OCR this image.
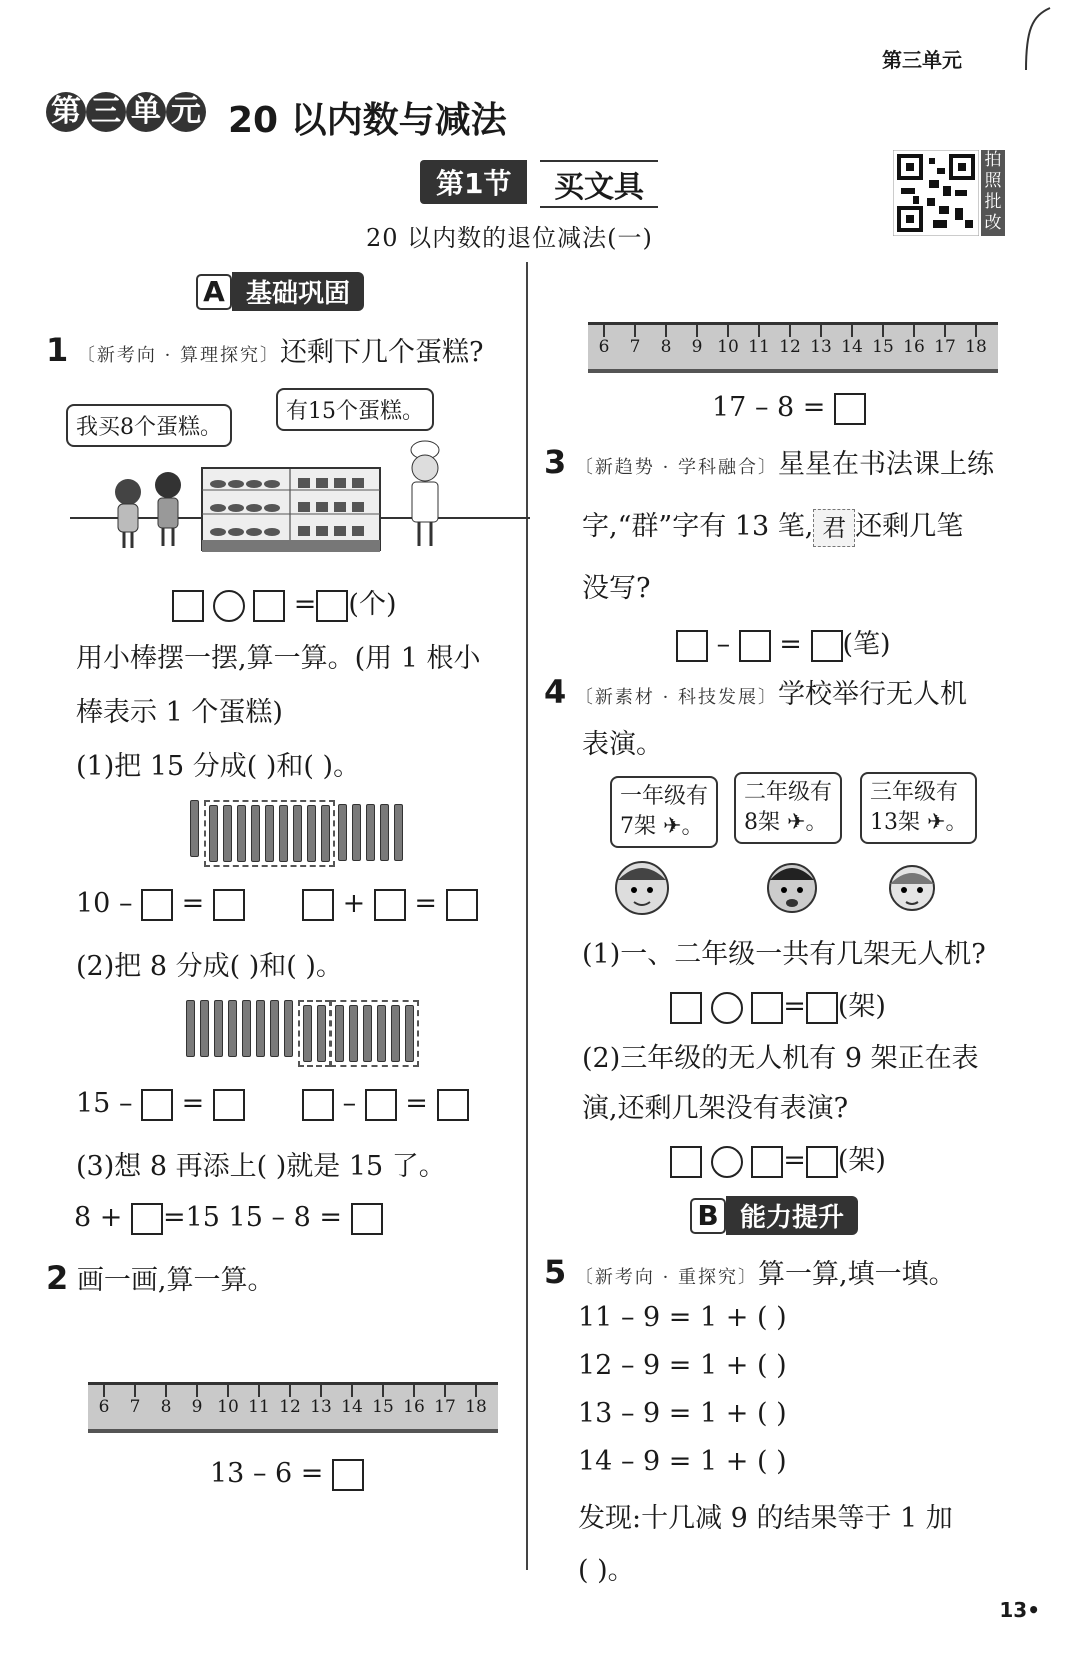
第三单元
第 三 单 元 20 以内数与减法
第1节	买文具
20 以内数的退位减法(一)
拍
照
批
改
A 基础巩固
1 〔新考向 · 算理探究〕还剩下几个蛋糕?
我买8个蛋糕。
有15个蛋糕。
= (个)
用小棒摆一摆,算一算。(用 1 根小
棒表示 1 个蛋糕)
(1)把 15 分成( )和( )。
10 – =	+ =
(2)把 8 分成( )和( )。
15 – =	– =
(3)想 8 再添上( )就是 15 了。
8 + =15 15 – 8 =
2 画一画,算一算。
6 7 8 9 10 11 12 13 14 15 16 17 18
13 – 6 =
6 7 8 9 10 11 12 13 14 15 16 17 18
17 – 8 =
3 〔新趋势 · 学科融合〕星星在书法课上练
字,“群”字有 13 笔, 君 还剩几笔
没写?
– = (笔)
4 〔新素材 · 科技发展〕学校举行无人机
表演。
一年级有
7架 ✈。
二年级有
8架 ✈。
三年级有
13架 ✈。
(1)一、二年级一共有几架无人机?
= (架)
(2)三年级的无人机有 9 架正在表
演,还剩几架没有表演?
= (架)
B 能力提升
5 〔新考向 · 重探究〕算一算,填一填。
11 – 9 = 1 + ( )
12 – 9 = 1 + ( )
13 – 9 = 1 + ( )
14 – 9 = 1 + ( )
发现:十几减 9 的结果等于 1 加
( )。
13•
